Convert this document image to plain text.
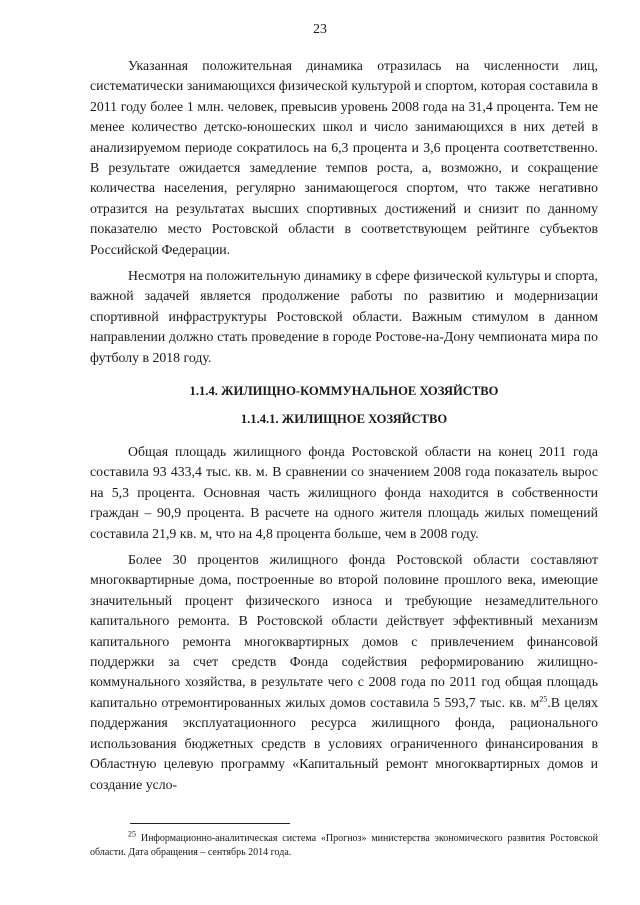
23

Указанная положительная динамика отразилась на численности лиц, систематически занимающихся физической культурой и спортом, которая составила в 2011 году более 1 млн. человек, превысив уровень 2008 года на 31,4 процента. Тем не менее количество детско-юношеских школ и число занимающихся в них детей в анализируемом периоде сократилось на 6,3 процента и 3,6 процента соответственно. В результате ожидается замедление темпов роста, а, возможно, и сокращение количества населения, регулярно занимающегося спортом, что также негативно отразится на результатах высших спортивных достижений и снизит по данному показателю место Ростовской области в соответствующем рейтинге субъектов Российской Федерации.

Несмотря на положительную динамику в сфере физической культуры и спорта, важной задачей является продолжение работы по развитию и модернизации спортивной инфраструктуры Ростовской области. Важным стимулом в данном направлении должно стать проведение в городе Ростове-на-Дону чемпионата мира по футболу в 2018 году.

1.1.4. ЖИЛИЩНО-КОММУНАЛЬНОЕ ХОЗЯЙСТВО
1.1.4.1. ЖИЛИЩНОЕ ХОЗЯЙСТВО

Общая площадь жилищного фонда Ростовской области на конец 2011 года составила 93 433,4 тыс. кв. м. В сравнении со значением 2008 года показатель вырос на 5,3 процента. Основная часть жилищного фонда находится в собственности граждан – 90,9 процента. В расчете на одного жителя площадь жилых помещений составила 21,9 кв. м, что на 4,8 процента больше, чем в 2008 году.

Более 30 процентов жилищного фонда Ростовской области составляют многоквартирные дома, построенные во второй половине прошлого века, имеющие значительный процент физического износа и требующие незамедлительного капитального ремонта. В Ростовской области действует эффективный механизм капитального ремонта многоквартирных домов с привлечением финансовой поддержки за счет средств Фонда содействия реформированию жилищно-коммунального хозяйства, в результате чего с 2008 года по 2011 год общая площадь капитально отремонтированных жилых домов составила 5 593,7 тыс. кв. $м^{25}.В$ целях поддержания эксплуатационного ресурса жилищного фонда, рационального использования бюджетных средств в условиях ограниченного финансирования в Областную целевую программу «Капитальный ремонт многоквартирных домов и создание усло-

$^{25}$ Информационно-аналитическая система «Прогноз» министерства экономического развития Ростовской области. Дата обращения – сентябрь 2014 года.
